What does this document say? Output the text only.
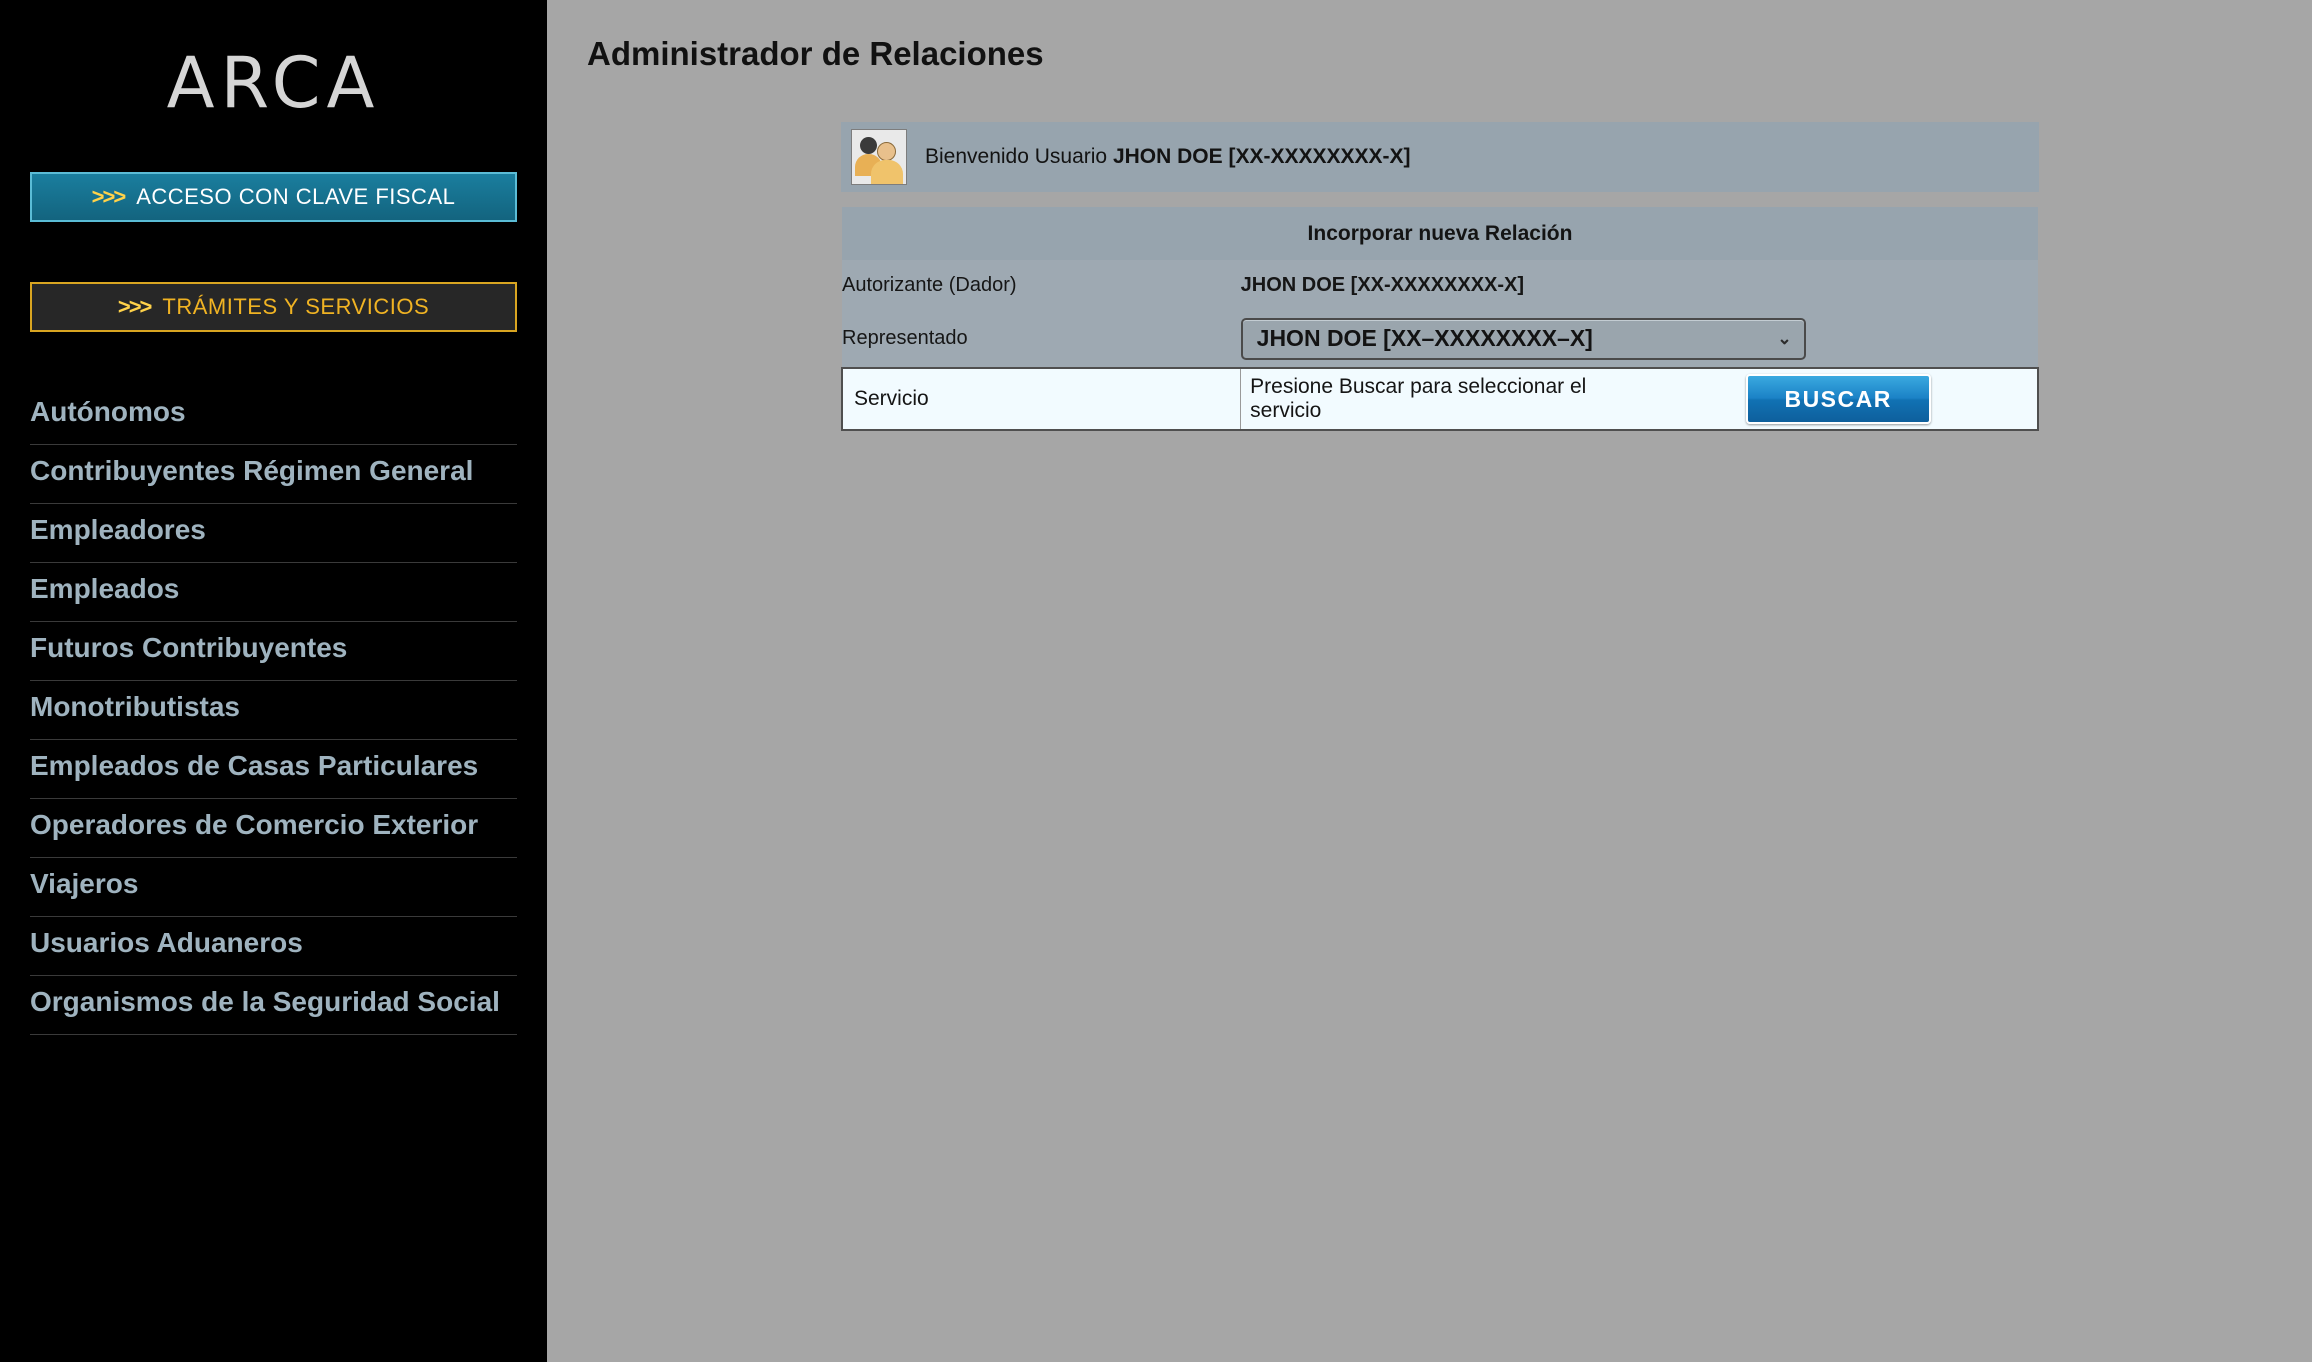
ARCA
>>> ACCESO CON CLAVE FISCAL
>>> TRÁMITES Y SERVICIOS
Autónomos
Contribuyentes Régimen General
Empleadores
Empleados
Futuros Contribuyentes
Monotributistas
Empleados de Casas Particulares
Operadores de Comercio Exterior
Viajeros
Usuarios Aduaneros
Organismos de la Seguridad Social
Administrador de Relaciones
Bienvenido Usuario JHON DOE [XX-XXXXXXXX-X]
Incorporar nueva Relación		
Autorizante (Dador)	JHON DOE [XX-XXXXXXXX-X]	
Representado	JHON DOE [XX–XXXXXXXX–X] ⌄	

Servicio	Presione Buscar para seleccionar el servicio	BUSCAR
